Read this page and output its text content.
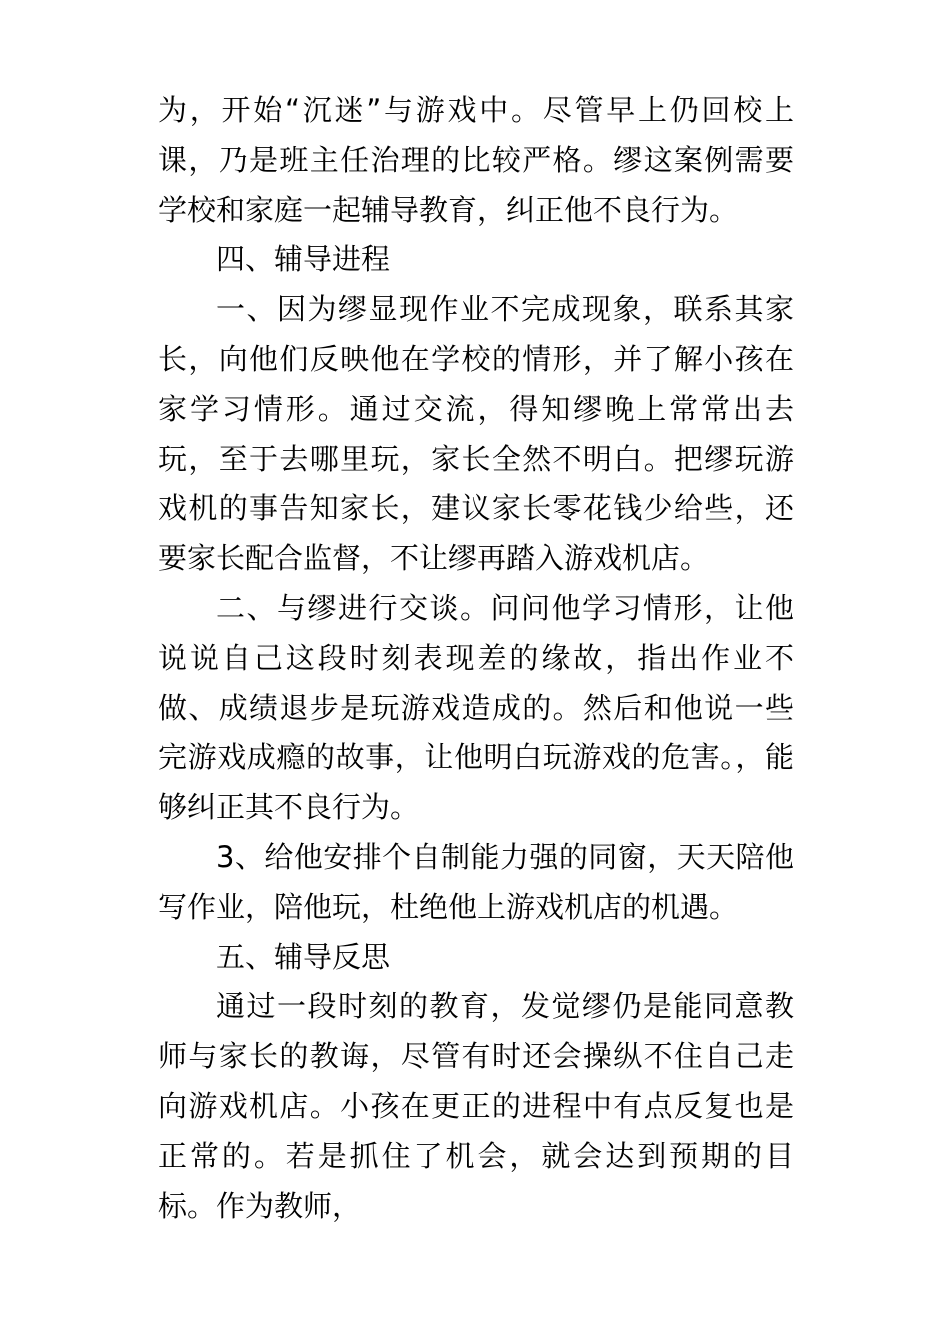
为，开始“沉迷”与游戏中。尽管早上仍回校上课，乃是班主任治理的比较严格。缪这案例需要学校和家庭一起辅导教育，纠正他不良行为。

四、辅导进程

一、因为缪显现作业不完成现象，联系其家长，向他们反映他在学校的情形，并了解小孩在家学习情形。通过交流，得知缪晚上常常出去玩，至于去哪里玩，家长全然不明白。把缪玩游戏机的事告知家长，建议家长零花钱少给些，还要家长配合监督，不让缪再踏入游戏机店。

二、与缪进行交谈。问问他学习情形，让他说说自己这段时刻表现差的缘故，指出作业不做、成绩退步是玩游戏造成的。然后和他说一些完游戏成瘾的故事，让他明白玩游戏的危害。，能够纠正其不良行为。

3、给他安排个自制能力强的同窗，天天陪他写作业，陪他玩，杜绝他上游戏机店的机遇。

五、辅导反思

通过一段时刻的教育，发觉缪仍是能同意教师与家长的教诲，尽管有时还会操纵不住自己走向游戏机店。小孩在更正的进程中有点反复也是正常的。若是抓住了机会，就会达到预期的目标。作为教师，
